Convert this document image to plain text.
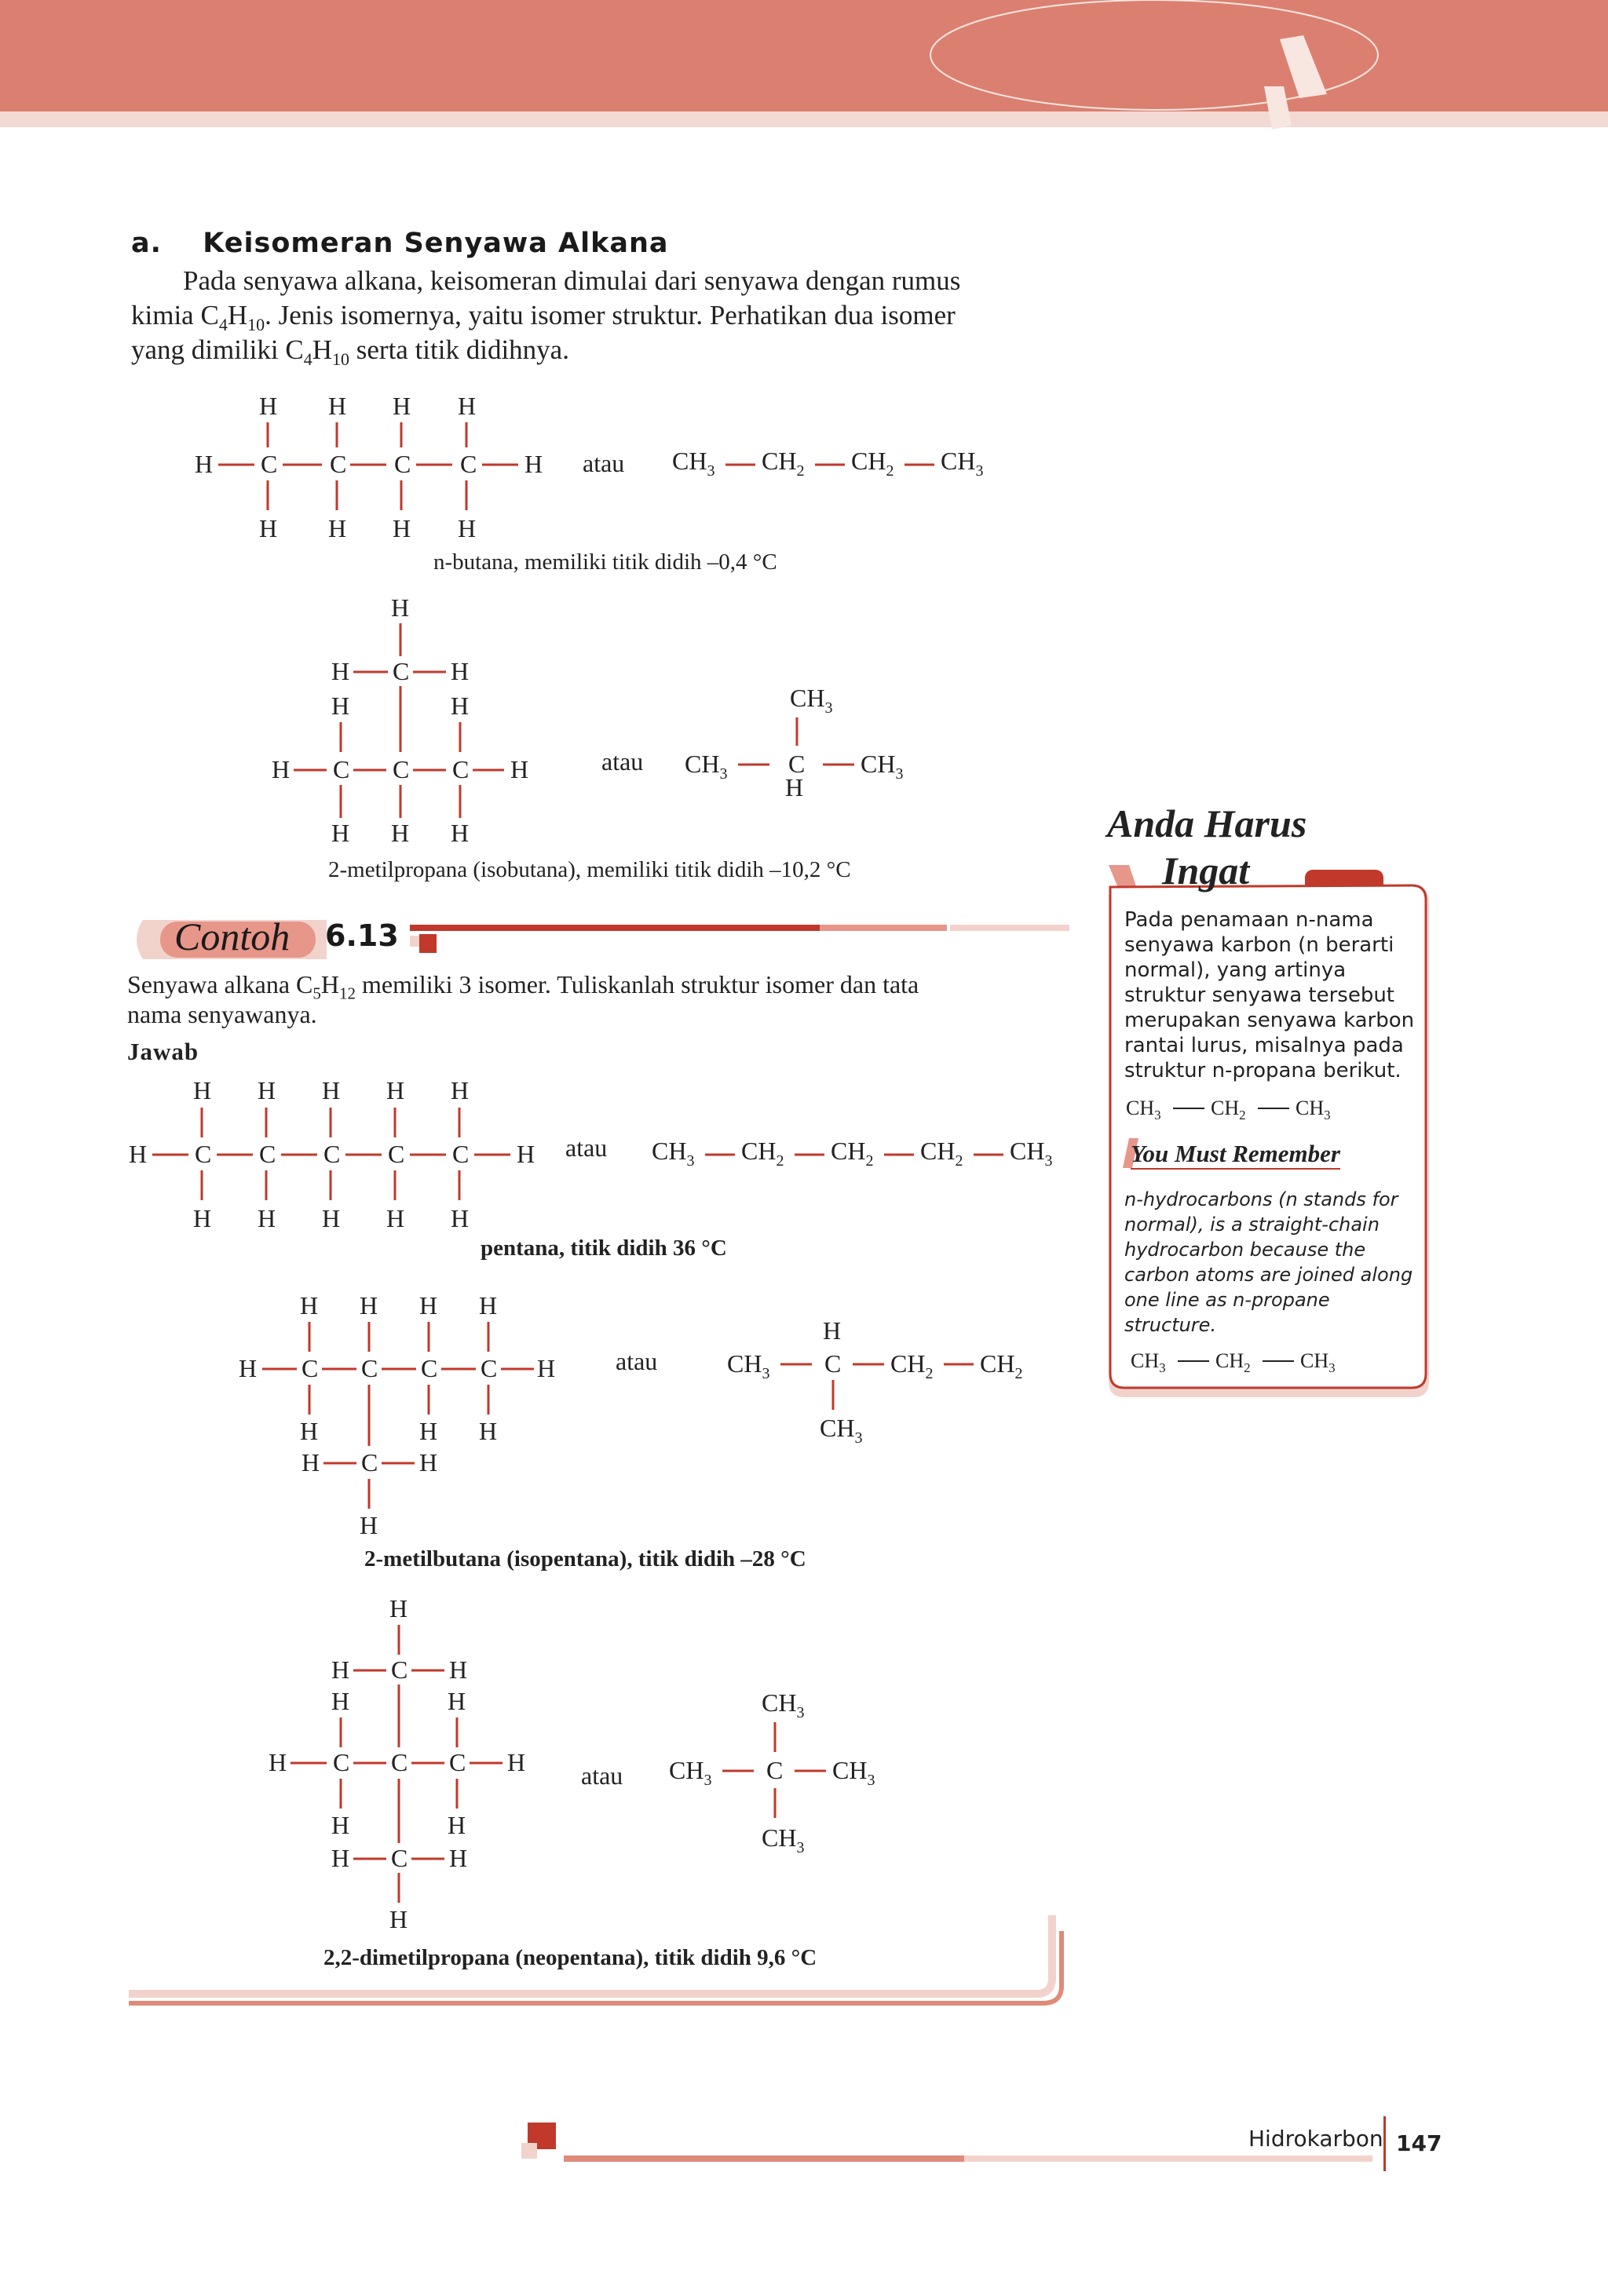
a. Keisomeran Senyawa Alkana
Pada senyawa alkana, keisomeran dimulai dari senyawa dengan rumus
kimia $C_4H_{10}$. Jenis isomernya, yaitu isomer struktur. Perhatikan dua isomer
yang dimiliki $C_4H_{10}$ serta titik didihnya.
H H H H
H C C C C H
H H H H
$CH_3$ $CH_2$ $CH_2$ $CH_3$
atau
n-butana, memiliki titik didih –0,4 °C
H
H C H
H	H
H C C C H
H H H
$CH_3$
$CH_3$ C
H
$CH_3$
atau
2-metilpropana (isobutana), memiliki titik didih –10,2 °C
Contoh 6.13
Senyawa alkana $C_5H_{12}$ memiliki 3 isomer. Tuliskanlah struktur isomer dan tata
nama senyawanya.
Jawab
H H H H H
H C C C C C H
H H H H H
$CH_3$ $CH_2$ $CH_2$ $CH_2$ $CH_3$
atau
pentana, titik didih 36 °C
H H H H
H C C C C H
H	H H
H C H
H
H
$CH_3$ C $CH_2$ $CH_2$
$CH_3$
atau
2-metilbutana (isopentana), titik didih –28 °C
H
H C H
H	H
H C C C H
H	H
H C H
H
$CH_3$
$CH_3$ C $CH_3$
$CH_3$
atau
2,2-dimetilpropana (neopentana), titik didih 9,6 °C
Anda Harus
Ingat
Pada penamaan n-nama
senyawa karbon (n berarti
normal), yang artinya
struktur senyawa tersebut
merupakan senyawa karbon
rantai lurus, misalnya pada
struktur n-propana berikut.
$CH_3$ $CH_2$ $CH_3$
You Must Remember
n-hydrocarbons (n stands for
normal), is a straight-chain
hydrocarbon because the
carbon atoms are joined along
one line as n-propane
structure.
$CH_3$ $CH_2$ $CH_3$
Hidrokarbon 147
